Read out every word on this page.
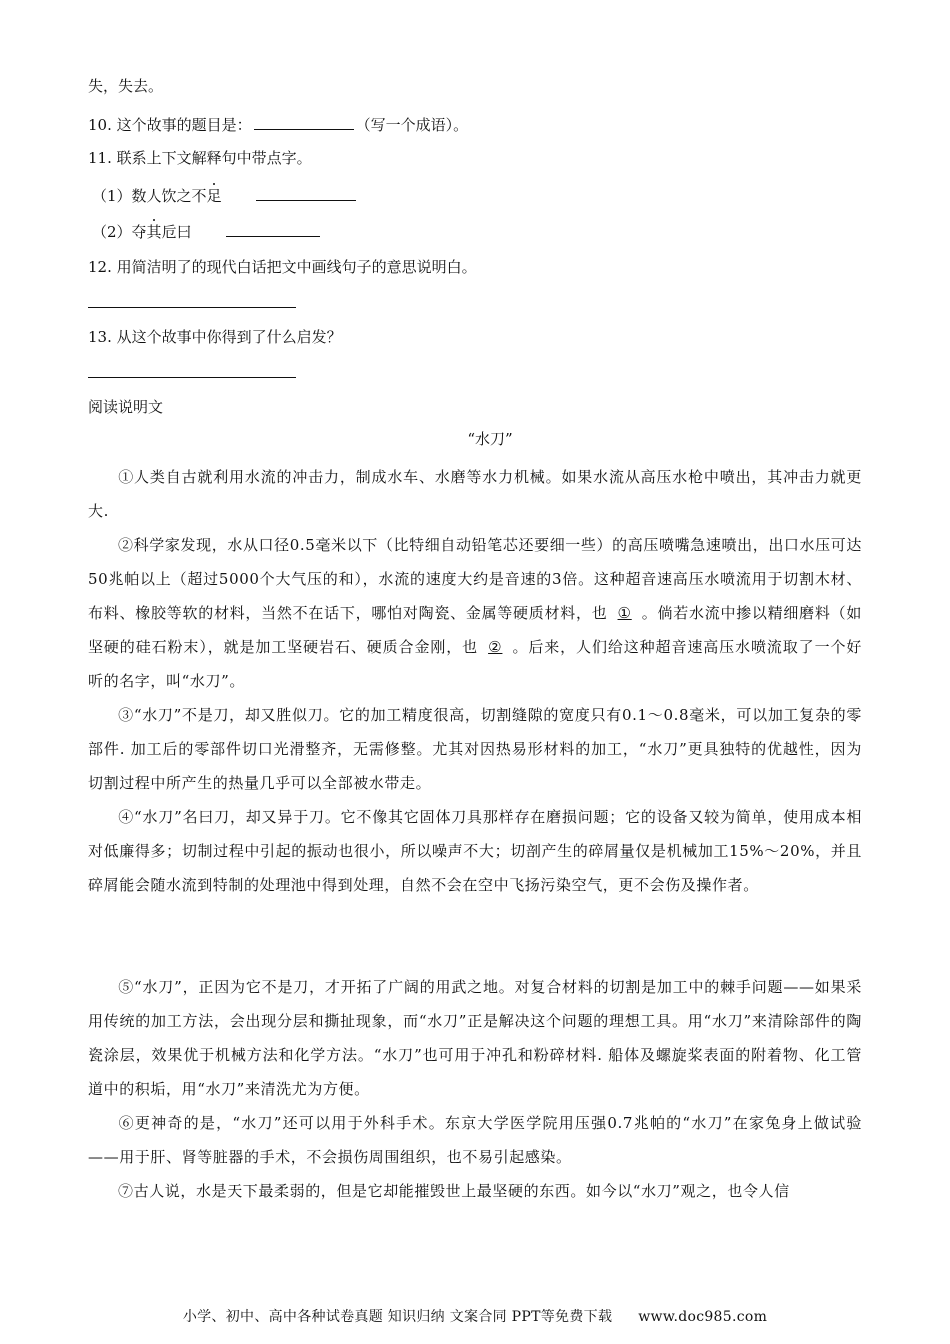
失，失去。
10. 这个故事的题目是：	（写一个成语）。
11. 联系上下文解释句中带点字。
（1）数人饮之不足
（2）夺其卮曰
12. 用简洁明了的现代白话把文中画线句子的意思说明白。
13. 从这个故事中你得到了什么启发？
阅读说明文
“水刀”
①人类自古就利用水流的冲击力，制成水车、水磨等水力机械。如果水流从高压水枪中喷出，其冲击力就更大.
②科学家发现，水从口径0.5毫米以下（比特细自动铅笔芯还要细一些）的高压喷嘴急速喷出，出口水压可达50兆帕以上（超过5000个大气压的和），水流的速度大约是音速的3倍。这种超音速高压水喷流用于切割木材、布料、橡胶等软的材料，当然不在话下，哪怕对陶瓷、金属等硬质材料，也 ① 。倘若水流中掺以精细磨料（如坚硬的硅石粉末），就是加工坚硬岩石、硬质合金刚，也 ② 。后来，人们给这种超音速高压水喷流取了一个好听的名字，叫“水刀”。
③“水刀”不是刀，却又胜似刀。它的加工精度很高，切割缝隙的宽度只有0.1～0.8毫米，可以加工复杂的零部件. 加工后的零部件切口光滑整齐，无需修整。尤其对因热易形材料的加工，“水刀”更具独特的优越性，因为切割过程中所产生的热量几乎可以全部被水带走。
④“水刀”名曰刀，却又异于刀。它不像其它固体刀具那样存在磨损问题；它的设备又较为简单，使用成本相对低廉得多；切制过程中引起的振动也很小，所以噪声不大；切剖产生的碎屑量仅是机械加工15%～20%，并且碎屑能会随水流到特制的处理池中得到处理，自然不会在空中飞扬污染空气，更不会伤及操作者。
⑤“水刀”，正因为它不是刀，才开拓了广阔的用武之地。对复合材料的切割是加工中的棘手问题——如果采用传统的加工方法，会出现分层和撕扯现象，而“水刀”正是解决这个问题的理想工具。用“水刀”来清除部件的陶瓷涂层，效果优于机械方法和化学方法。“水刀”也可用于冲孔和粉碎材料. 船体及螺旋桨表面的附着物、化工管道中的积垢，用“水刀”来清洗尤为方便。
⑥更神奇的是，“水刀”还可以用于外科手术。东京大学医学院用压强0.7兆帕的“水刀”在家兔身上做试验——用于肝、肾等脏器的手术，不会损伤周围组织，也不易引起感染。
⑦古人说，水是天下最柔弱的，但是它却能摧毁世上最坚硬的东西。如今以“水刀”观之，也令人信
小学、初中、高中各种试卷真题 知识归纳 文案合同 PPT等免费下载 www.doc985.com
